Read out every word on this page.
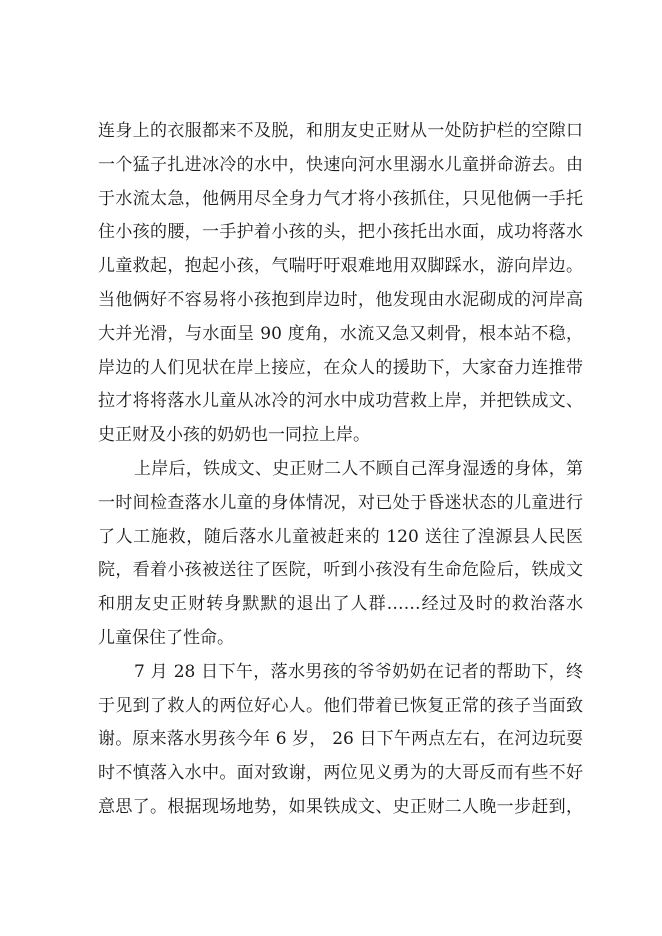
连身上的衣服都来不及脱，和朋友史正财从一处防护栏的空隙口
一个猛子扎进冰冷的水中，快速向河水里溺水儿童拼命游去。由
于水流太急，他俩用尽全身力气才将小孩抓住，只见他俩一手托
住小孩的腰，一手护着小孩的头，把小孩托出水面，成功将落水
儿童救起，抱起小孩，气喘吁吁艰难地用双脚踩水，游向岸边。
当他俩好不容易将小孩抱到岸边时，他发现由水泥砌成的河岸高
大并光滑，与水面呈 90 度角，水流又急又刺骨，根本站不稳，
岸边的人们见状在岸上接应，在众人的援助下，大家奋力连推带
拉才将将落水儿童从冰冷的河水中成功营救上岸，并把铁成文、
史正财及小孩的奶奶也一同拉上岸。
上岸后，铁成文、史正财二人不顾自己浑身湿透的身体，第
一时间检查落水儿童的身体情况，对已处于昏迷状态的儿童进行
了人工施救，随后落水儿童被赶来的 120 送往了湟源县人民医
院，看着小孩被送往了医院，听到小孩没有生命危险后，铁成文
和朋友史正财转身默默的退出了人群……经过及时的救治落水
儿童保住了性命。
7 月 28 日下午，落水男孩的爷爷奶奶在记者的帮助下，终
于见到了救人的两位好心人。他们带着已恢复正常的孩子当面致
谢。原来落水男孩今年 6 岁， 26 日下午两点左右，在河边玩耍
时不慎落入水中。面对致谢，两位见义勇为的大哥反而有些不好
意思了。根据现场地势，如果铁成文、史正财二人晚一步赶到，
